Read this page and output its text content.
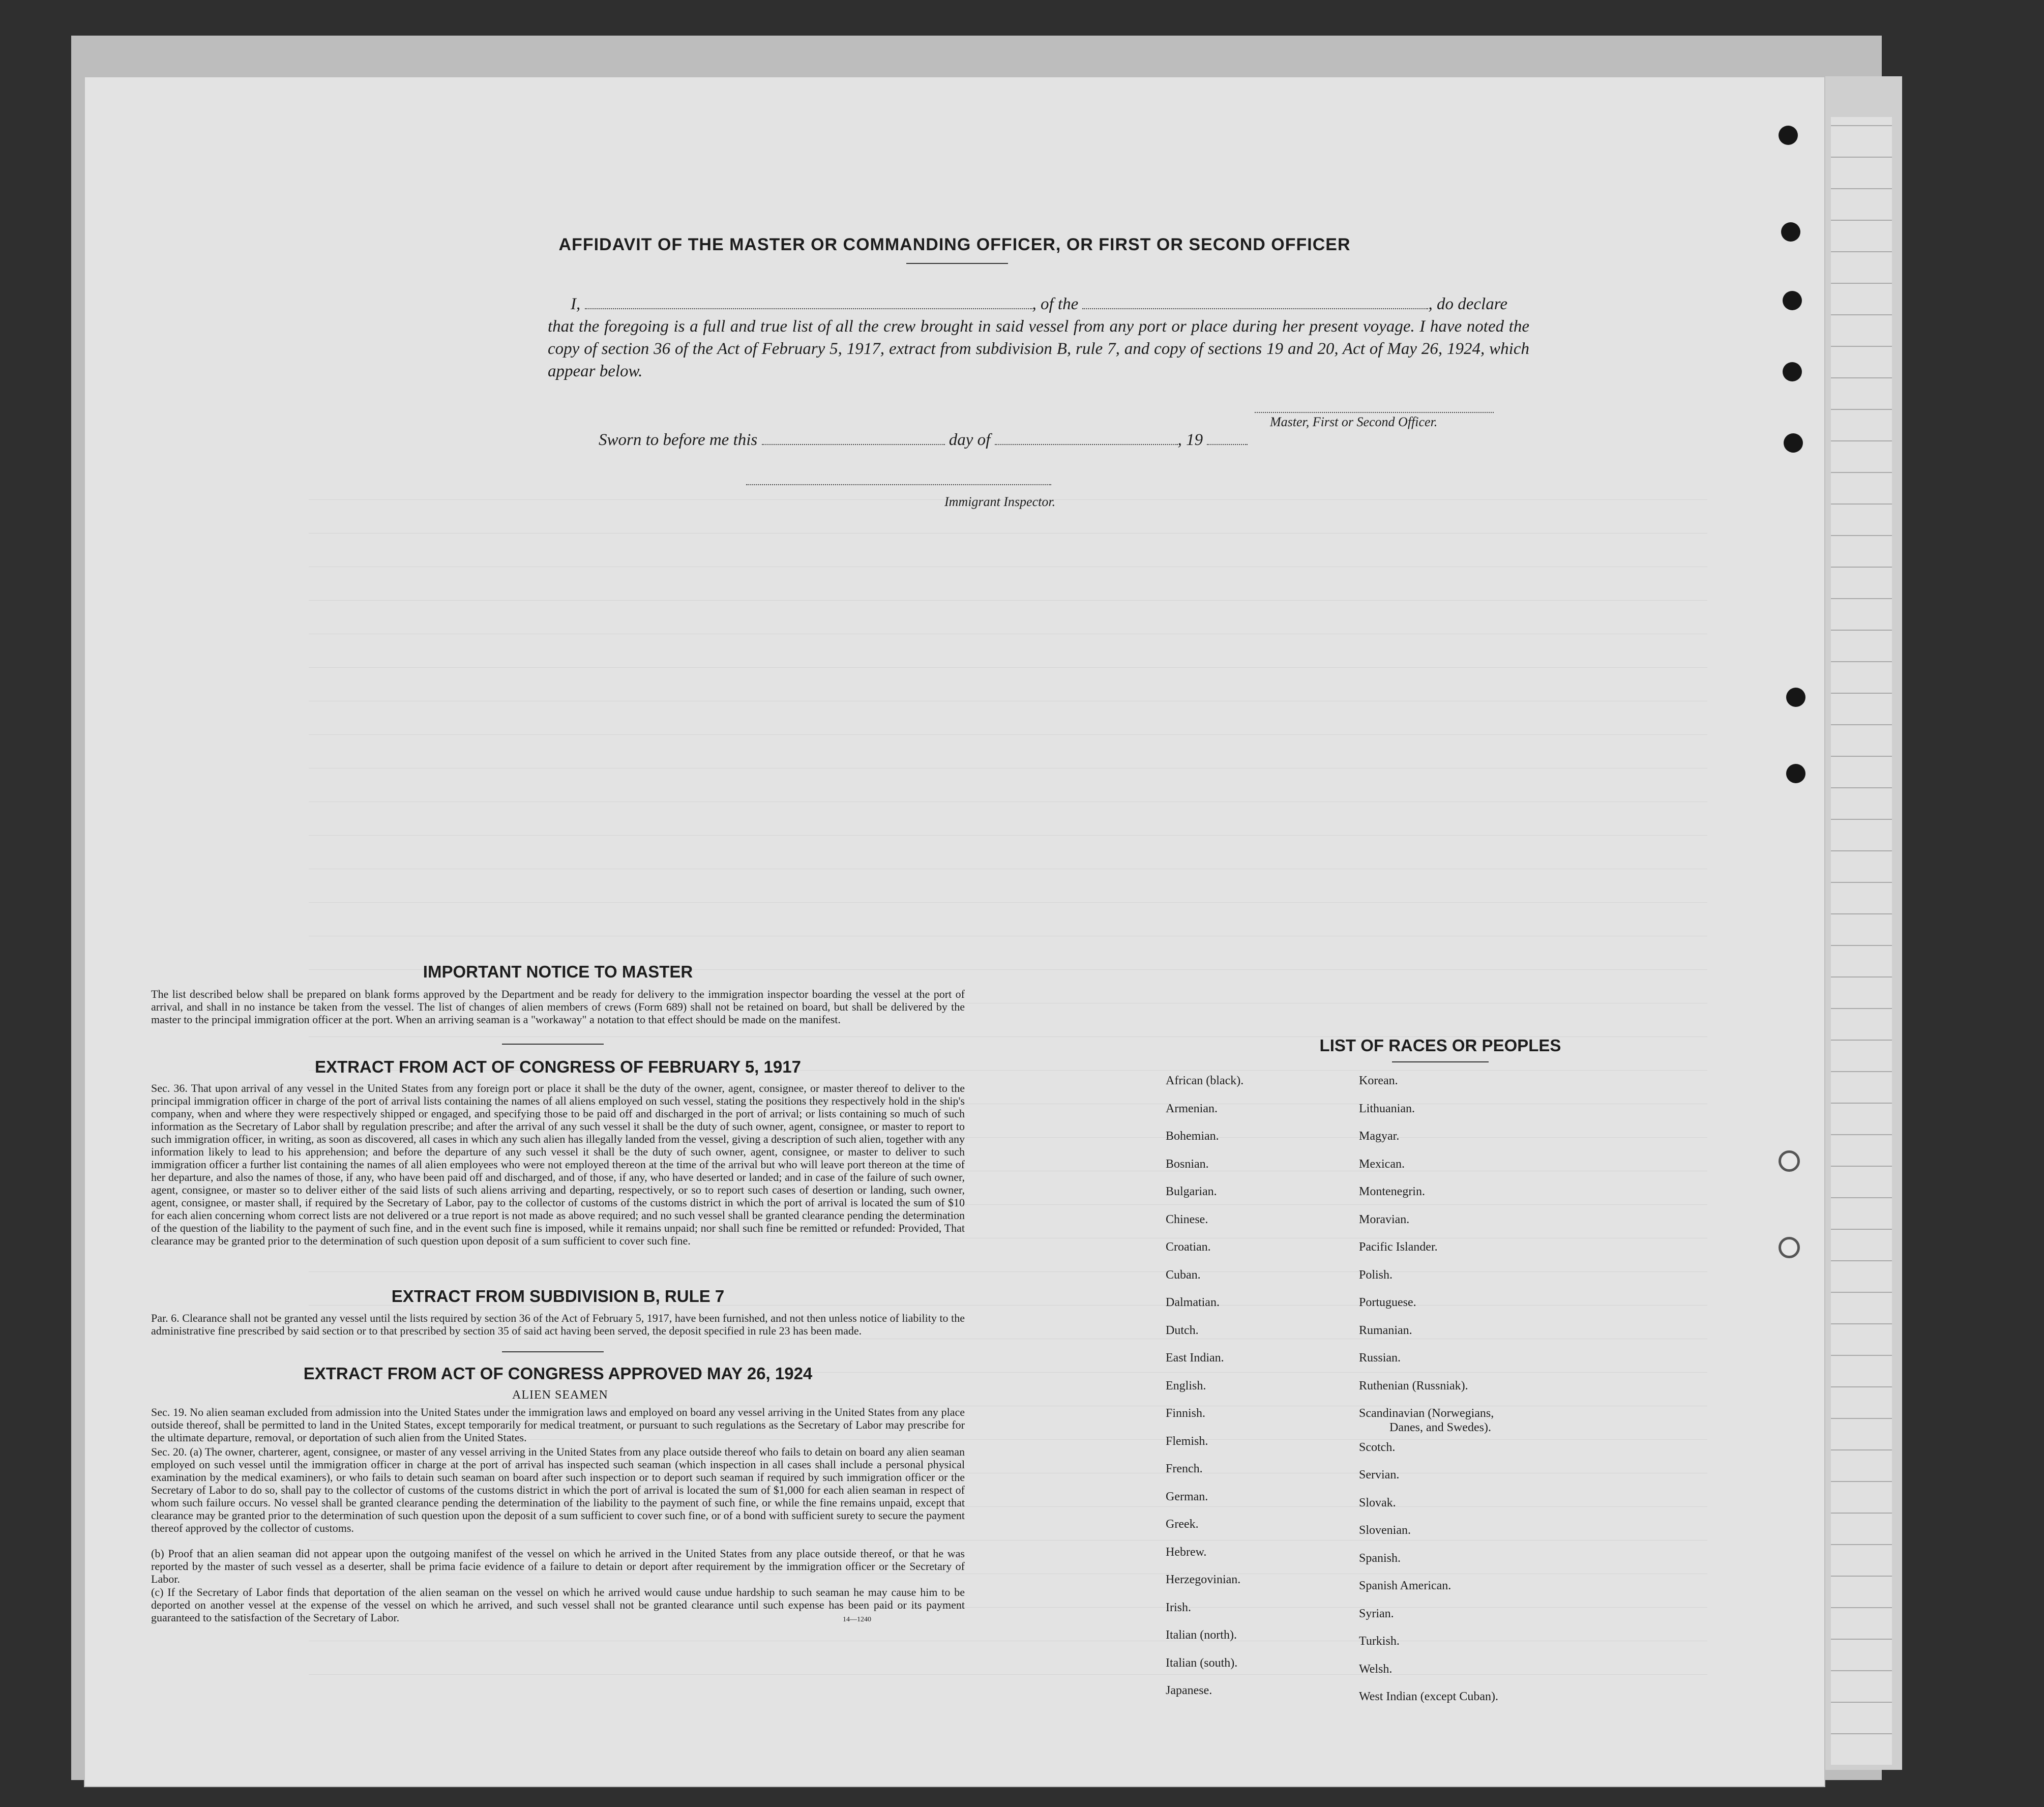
AFFIDAVIT OF THE MASTER OR COMMANDING OFFICER, OR FIRST OR SECOND OFFICER
I,	, of the	, do declare
that the foregoing is a full and true list of all the crew brought in said vessel from any port or place during her present voyage. I have noted the copy of section 36 of the Act of February 5, 1917, extract from subdivision B, rule 7, and copy of sections 19 and 20, Act of May 26, 1924, which appear below.
Master, First or Second Officer.
Sworn to before me this	day of	, 19
Immigrant Inspector.
IMPORTANT NOTICE TO MASTER
The list described below shall be prepared on blank forms approved by the Department and be ready for delivery to the immigration inspector boarding the vessel at the port of arrival, and shall in no instance be taken from the vessel. The list of changes of alien members of crews (Form 689) shall not be retained on board, but shall be delivered by the master to the principal immigration officer at the port. When an arriving seaman is a "workaway" a notation to that effect should be made on the manifest.
EXTRACT FROM ACT OF CONGRESS OF FEBRUARY 5, 1917
Sec. 36. That upon arrival of any vessel in the United States from any foreign port or place it shall be the duty of the owner, agent, consignee, or master thereof to deliver to the principal immigration officer in charge of the port of arrival lists containing the names of all aliens employed on such vessel, stating the positions they respectively hold in the ship's company, when and where they were respectively shipped or engaged, and specifying those to be paid off and discharged in the port of arrival; or lists containing so much of such information as the Secretary of Labor shall by regulation prescribe; and after the arrival of any such vessel it shall be the duty of such owner, agent, consignee, or master to report to such immigration officer, in writing, as soon as discovered, all cases in which any such alien has illegally landed from the vessel, giving a description of such alien, together with any information likely to lead to his apprehension; and before the departure of any such vessel it shall be the duty of such owner, agent, consignee, or master to deliver to such immigration officer a further list containing the names of all alien employees who were not employed thereon at the time of the arrival but who will leave port thereon at the time of her departure, and also the names of those, if any, who have been paid off and discharged, and of those, if any, who have deserted or landed; and in case of the failure of such owner, agent, consignee, or master so to deliver either of the said lists of such aliens arriving and departing, respectively, or so to report such cases of desertion or landing, such owner, agent, consignee, or master shall, if required by the Secretary of Labor, pay to the collector of customs of the customs district in which the port of arrival is located the sum of $10 for each alien concerning whom correct lists are not delivered or a true report is not made as above required; and no such vessel shall be granted clearance pending the determination of the question of the liability to the payment of such fine, and in the event such fine is imposed, while it remains unpaid; nor shall such fine be remitted or refunded: Provided, That clearance may be granted prior to the determination of such question upon deposit of a sum sufficient to cover such fine.
EXTRACT FROM SUBDIVISION B, RULE 7
Par. 6. Clearance shall not be granted any vessel until the lists required by section 36 of the Act of February 5, 1917, have been furnished, and not then unless notice of liability to the administrative fine prescribed by said section or to that prescribed by section 35 of said act having been served, the deposit specified in rule 23 has been made.
EXTRACT FROM ACT OF CONGRESS APPROVED MAY 26, 1924
ALIEN SEAMEN
Sec. 19. No alien seaman excluded from admission into the United States under the immigration laws and employed on board any vessel arriving in the United States from any place outside thereof, shall be permitted to land in the United States, except temporarily for medical treatment, or pursuant to such regulations as the Secretary of Labor may prescribe for the ultimate departure, removal, or deportation of such alien from the United States.
Sec. 20. (a) The owner, charterer, agent, consignee, or master of any vessel arriving in the United States from any place outside thereof who fails to detain on board any alien seaman employed on such vessel until the immigration officer in charge at the port of arrival has inspected such seaman (which inspection in all cases shall include a personal physical examination by the medical examiners), or who fails to detain such seaman on board after such inspection or to deport such seaman if required by such immigration officer or the Secretary of Labor to do so, shall pay to the collector of customs of the customs district in which the port of arrival is located the sum of $1,000 for each alien seaman in respect of whom such failure occurs. No vessel shall be granted clearance pending the determination of the liability to the payment of such fine, or while the fine remains unpaid, except that clearance may be granted prior to the determination of such question upon the deposit of a sum sufficient to cover such fine, or of a bond with sufficient surety to secure the payment thereof approved by the collector of customs.
(b) Proof that an alien seaman did not appear upon the outgoing manifest of the vessel on which he arrived in the United States from any place outside thereof, or that he was reported by the master of such vessel as a deserter, shall be prima facie evidence of a failure to detain or deport after requirement by the immigration officer or the Secretary of Labor.
(c) If the Secretary of Labor finds that deportation of the alien seaman on the vessel on which he arrived would cause undue hardship to such seaman he may cause him to be deported on another vessel at the expense of the vessel on which he arrived, and such vessel shall not be granted clearance until such expense has been paid or its payment guaranteed to the satisfaction of the Secretary of Labor.	14—1240
LIST OF RACES OR PEOPLES
African (black).
Armenian.
Bohemian.
Bosnian.
Bulgarian.
Chinese.
Croatian.
Cuban.
Dalmatian.
Dutch.
East Indian.
English.
Finnish.
Flemish.
French.
German.
Greek.
Hebrew.
Herzegovinian.
Irish.
Italian (north).
Italian (south).
Japanese.
Korean.
Lithuanian.
Magyar.
Mexican.
Montenegrin.
Moravian.
Pacific Islander.
Polish.
Portuguese.
Rumanian.
Russian.
Ruthenian (Russniak).
Scandinavian (Norwegians,
Danes, and Swedes).
Scotch.
Servian.
Slovak.
Slovenian.
Spanish.
Spanish American.
Syrian.
Turkish.
Welsh.
West Indian (except Cuban).
